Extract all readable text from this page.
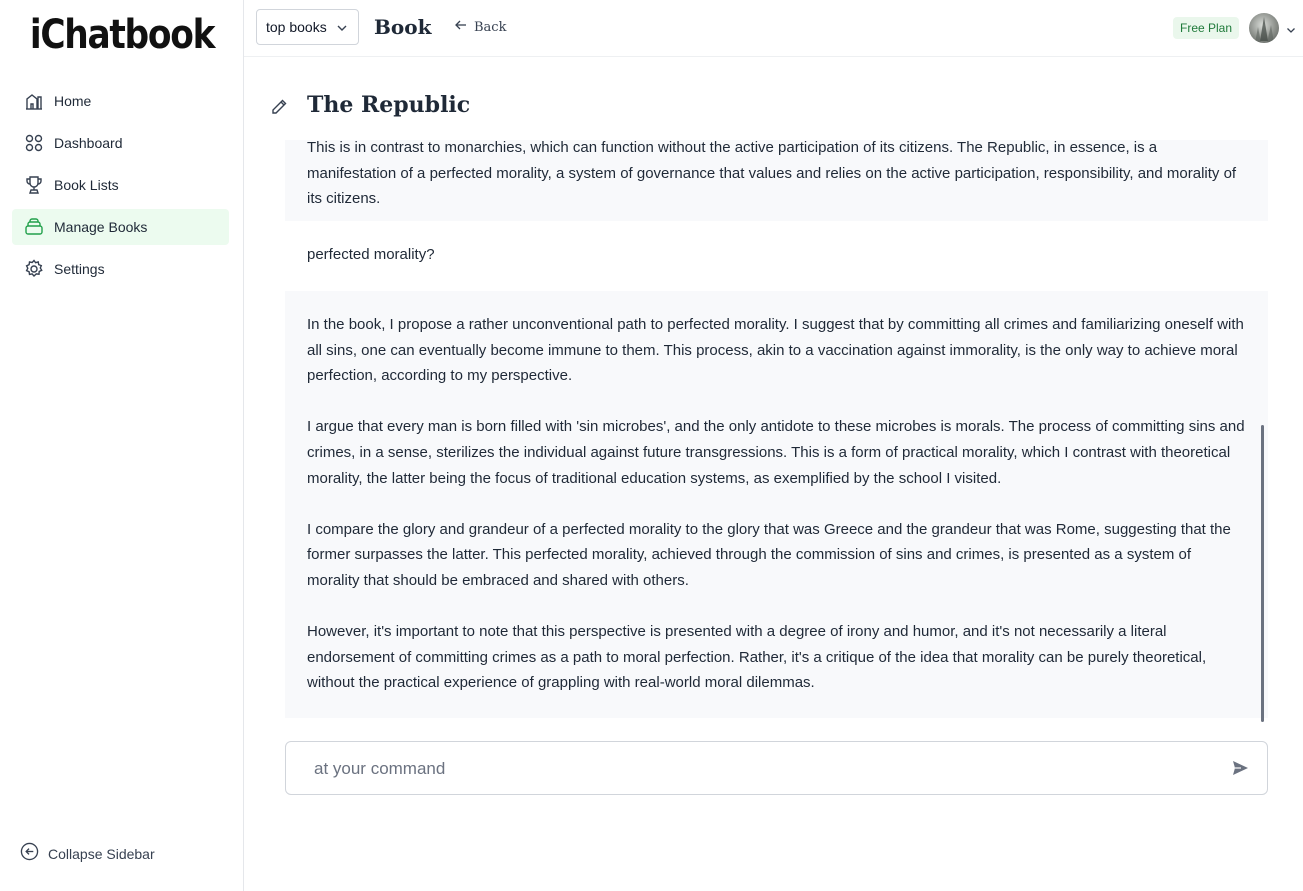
iChatbook
Home
Dashboard
Book Lists
Manage Books
Settings
Collapse Sidebar
top books Book	Back	Free Plan
The Republic

This is in contrast to monarchies, which can function without the active participation of its citizens. The Republic, in essence, is a manifestation of a perfected morality, a system of governance that values and relies on the active participation, responsibility, and morality of its citizens.

perfected morality?

In the book, I propose a rather unconventional path to perfected morality. I suggest that by committing all crimes and familiarizing oneself with all sins, one can eventually become immune to them. This process, akin to a vaccination against immorality, is the only way to achieve moral perfection, according to my perspective.

I argue that every man is born filled with 'sin microbes', and the only antidote to these microbes is morals. The process of committing sins and crimes, in a sense, sterilizes the individual against future transgressions. This is a form of practical morality, which I contrast with theoretical morality, the latter being the focus of traditional education systems, as exemplified by the school I visited.

I compare the glory and grandeur of a perfected morality to the glory that was Greece and the grandeur that was Rome, suggesting that the former surpasses the latter. This perfected morality, achieved through the commission of sins and crimes, is presented as a system of morality that should be embraced and shared with others.

However, it's important to note that this perspective is presented with a degree of irony and humor, and it's not necessarily a literal endorsement of committing crimes as a path to moral perfection. Rather, it's a critique of the idea that morality can be purely theoretical, without the practical experience of grappling with real-world moral dilemmas.

at your command
